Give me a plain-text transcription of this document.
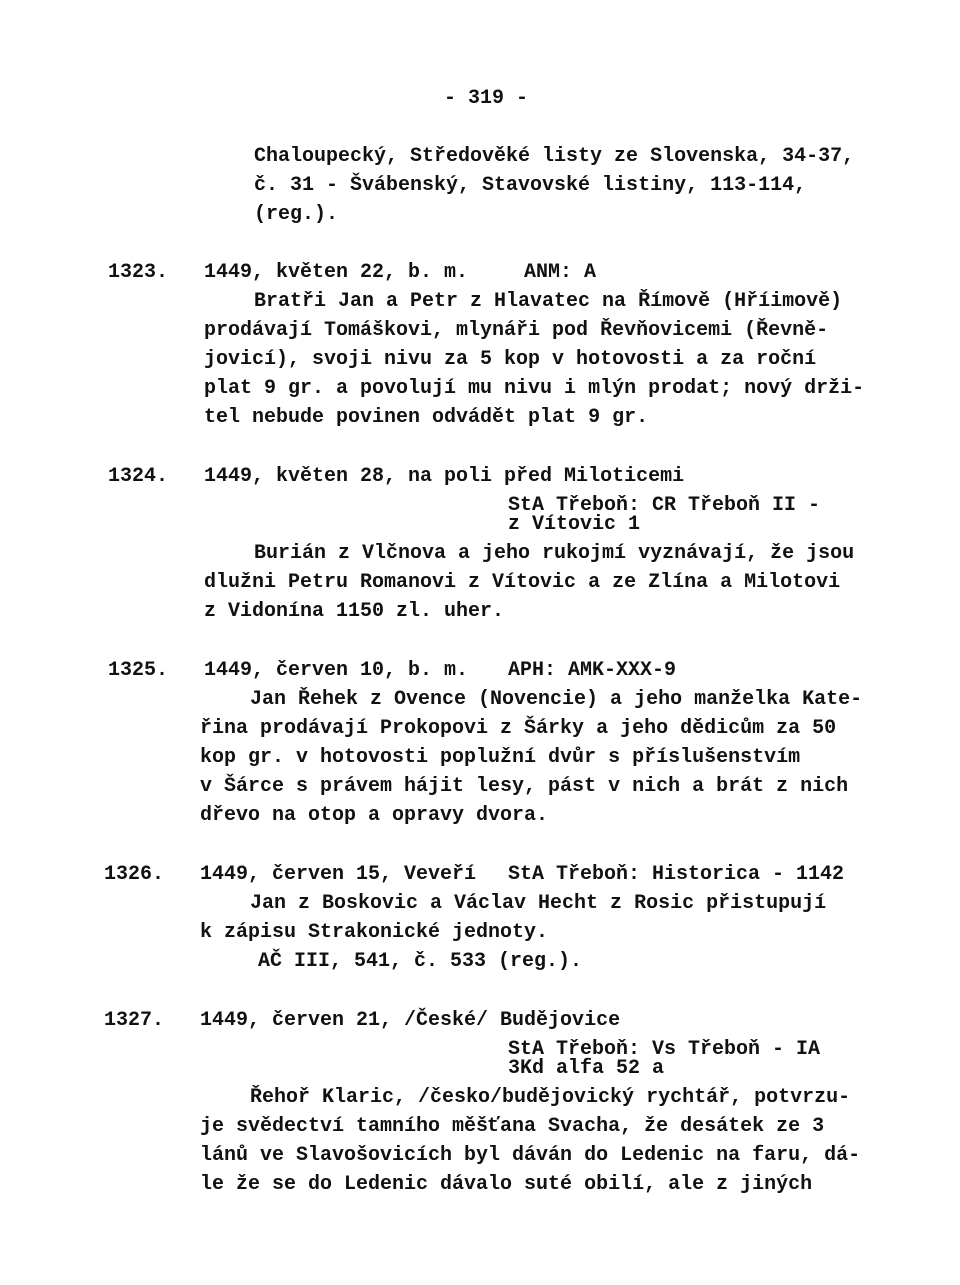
- 319 -
Chaloupecký, Středověké listy ze Slovenska, 34-37,
č. 31 - Švábenský, Stavovské listiny, 113-114,
(reg.).
1323. 1449, květen 22, b. m.	ANM: A
Bratři Jan a Petr z Hlavatec na Římově (Hříimově)
prodávají Tomáškovi, mlynáři pod Řevňovicemi (Řevně-
jovicí), svoji nivu za 5 kop v hotovosti a za roční
plat 9 gr. a povolují mu nivu i mlýn prodat; nový drži-
tel nebude povinen odvádět plat 9 gr.
1324. 1449, květen 28, na poli před Miloticemi
StA Třeboň: CR Třeboň II -
z Vítovic 1
Burián z Vlčnova a jeho rukojmí vyznávají, že jsou
dlužni Petru Romanovi z Vítovic a ze Zlína a Milotovi
z Vidonína 1150 zl. uher.
1325. 1449, červen 10, b. m. APH: AMK-XXX-9
Jan Řehek z Ovence (Novencie) a jeho manželka Kate-
řina prodávají Prokopovi z Šárky a jeho dědicům za 50
kop gr. v hotovosti poplužní dvůr s příslušenstvím
v Šárce s právem hájit lesy, pást v nich a brát z nich
dřevo na otop a opravy dvora.
1326. 1449, červen 15, Veveří StA Třeboň: Historica - 1142
Jan z Boskovic a Václav Hecht z Rosic přistupují
k zápisu Strakonické jednoty.
AČ III, 541, č. 533 (reg.).
1327. 1449, červen 21, /České/ Budějovice
StA Třeboň: Vs Třeboň - IA
3Kd alfa 52 a
Řehoř Klaric, /česko/budějovický rychtář, potvrzu-
je svědectví tamního měšťana Svacha, že desátek ze 3
lánů ve Slavošovicích byl dáván do Ledenic na faru, dá-
le že se do Ledenic dávalo suté obilí, ale z jiných
